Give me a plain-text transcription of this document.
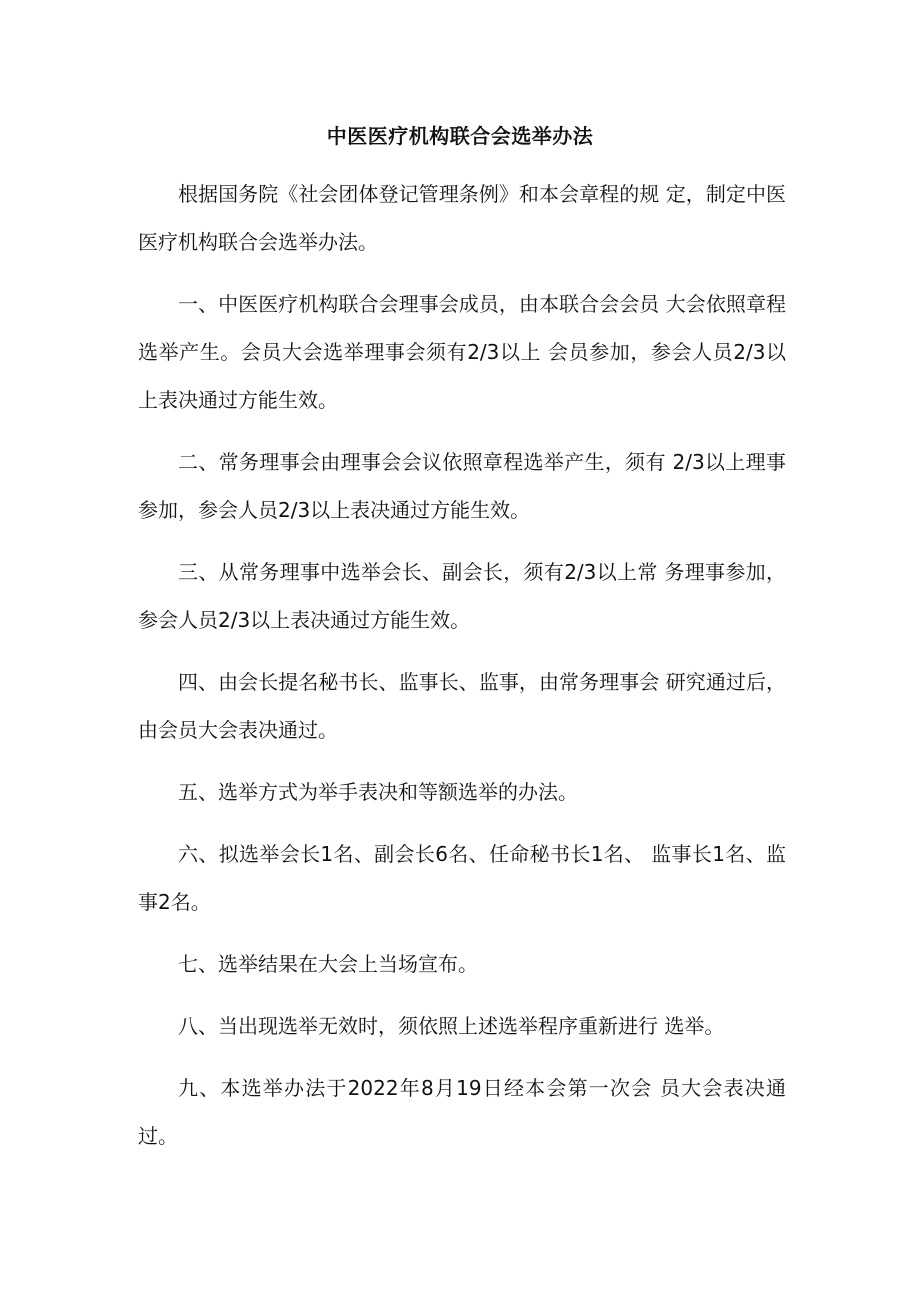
中医医疗机构联合会选举办法

根据国务院《社会团体登记管理条例》和本会章程的规 定，制定中医医疗机构联合会选举办法。

一、中医医疗机构联合会理事会成员，由本联合会会员 大会依照章程选举产生。会员大会选举理事会须有2/3以上 会员参加，参会人员2/3以上表决通过方能生效。

二、常务理事会由理事会会议依照章程选举产生，须有 2/3以上理事参加，参会人员2/3以上表决通过方能生效。

三、从常务理事中选举会长、副会长，须有2/3以上常 务理事参加，参会人员2/3以上表决通过方能生效。

四、由会长提名秘书长、监事长、监事，由常务理事会 研究通过后，由会员大会表决通过。

五、选举方式为举手表决和等额选举的办法。

六、拟选举会长1名、副会长6名、任命秘书长1名、 监事长1名、监事2名。

七、选举结果在大会上当场宣布。

八、当出现选举无效时，须依照上述选举程序重新进行 选举。

九、本选举办法于2022年8月19日经本会第一次会 员大会表决通过。
